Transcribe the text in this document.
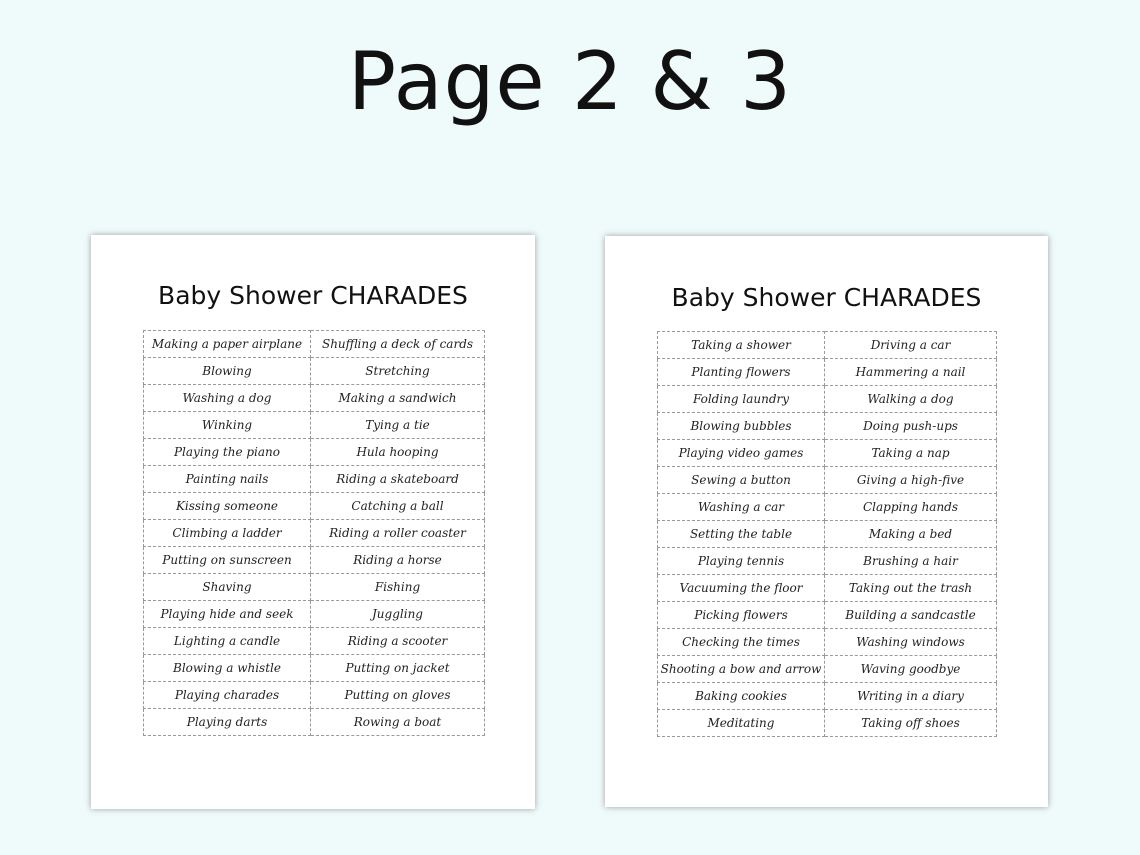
Page 2 & 3
Baby Shower CHARADES
Making a paper airplane	Shuffling a deck of cards
Blowing	Stretching
Washing a dog	Making a sandwich
Winking	Tying a tie
Playing the piano	Hula hooping
Painting nails	Riding a skateboard
Kissing someone	Catching a ball
Climbing a ladder	Riding a roller coaster
Putting on sunscreen	Riding a horse
Shaving	Fishing
Playing hide and seek	Juggling
Lighting a candle	Riding a scooter
Blowing a whistle	Putting on jacket
Playing charades	Putting on gloves
Playing darts	Rowing a boat
Baby Shower CHARADES
Taking a shower	Driving a car
Planting flowers	Hammering a nail
Folding laundry	Walking a dog
Blowing bubbles	Doing push-ups
Playing video games	Taking a nap
Sewing a button	Giving a high-five
Washing a car	Clapping hands
Setting the table	Making a bed
Playing tennis	Brushing a hair
Vacuuming the floor	Taking out the trash
Picking flowers	Building a sandcastle
Checking the times	Washing windows
Shooting a bow and arrow	Waving goodbye
Baking cookies	Writing in a diary
Meditating	Taking off shoes
